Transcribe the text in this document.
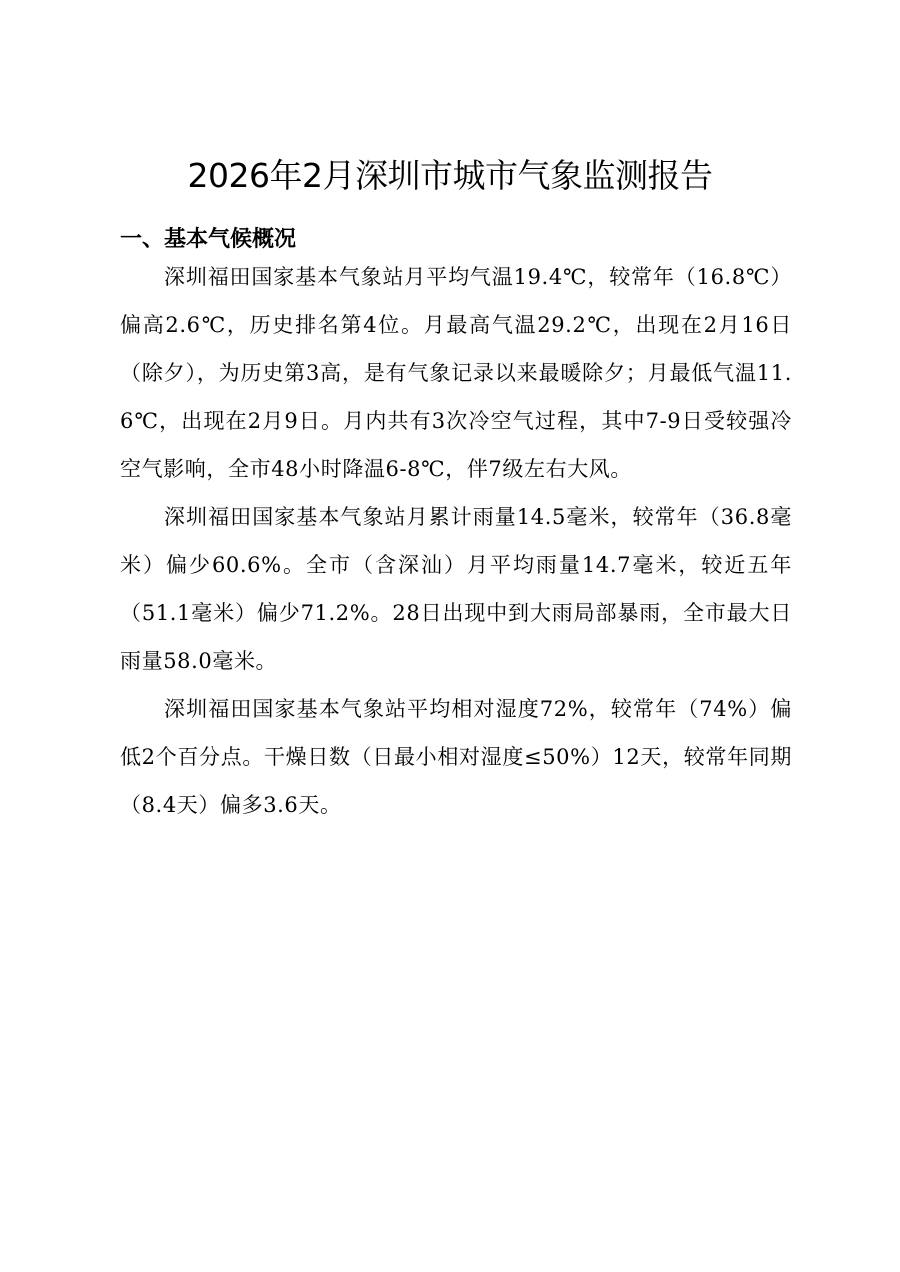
2026年2月深圳市城市气象监测报告
一、基本气候概况

深圳福田国家基本气象站月平均气温19.4℃，较常年（16.8℃）偏高2.6℃，历史排名第4位。月最高气温29.2℃，出现在2月16日（除夕），为历史第3高，是有气象记录以来最暖除夕；月最低气温11.6℃，出现在2月9日。月内共有3次冷空气过程，其中7-9日受较强冷空气影响，全市48小时降温6-8℃，伴7级左右大风。

深圳福田国家基本气象站月累计雨量14.5毫米，较常年（36.8毫米）偏少60.6%。全市（含深汕）月平均雨量14.7毫米，较近五年（51.1毫米）偏少71.2%。28日出现中到大雨局部暴雨，全市最大日雨量58.0毫米。

深圳福田国家基本气象站平均相对湿度72%，较常年（74%）偏低2个百分点。干燥日数（日最小相对湿度≤50%）12天，较常年同期（8.4天）偏多3.6天。
